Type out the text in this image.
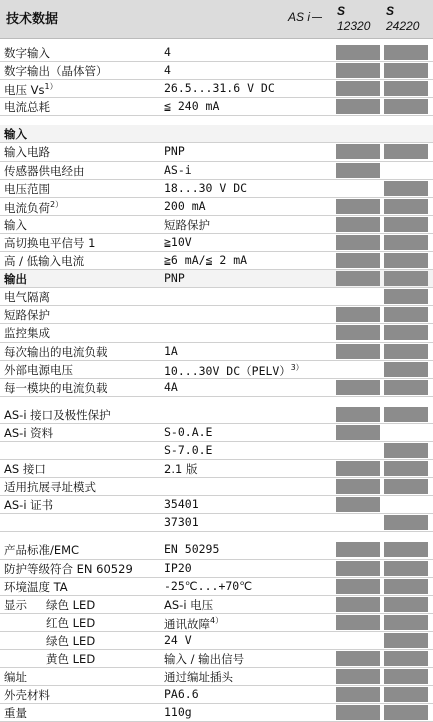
技术数据	AS i	S
12320
S
24220
数字输入	4
数字输出（晶体管）	4
电压 $Vs^{1)}$	26.5...31.6 V DC
电流总耗	≦ 240 mA
输入
输入电路	PNP
传感器供电经由	AS-i
电压范围	18...30 V DC
电流负荷$^{2)}$	200 mA
输入	短路保护
高切换电平信号 1	≧10V
高 / 低输入电流	≧6 mA/≦ 2 mA
输出	PNP
电气隔离
短路保护
监控集成
每次输出的电流负载	1A
外部电源电压	10...30V DC（PELV）$^{3)}$
每一模块的电流负载	4A
AS-i 接口及极性保护
AS-i 资料	S-0.A.E
S-7.0.E
AS 接口	2.1 版
适用抗展寻址模式
AS-i 证书	35401
37301
产品标准/EMC	EN 50295
防护等级符合 EN 60529	IP20
环境温度 TA	-25℃...+70℃
显示 绿色 LED	AS-i 电压
红色 LED	通讯故障$^{4)}$
绿色 LED	24 V
黄色 LED	输入 / 输出信号
编址	通过编址插头
外壳材料	PA6.6
重量	110g
